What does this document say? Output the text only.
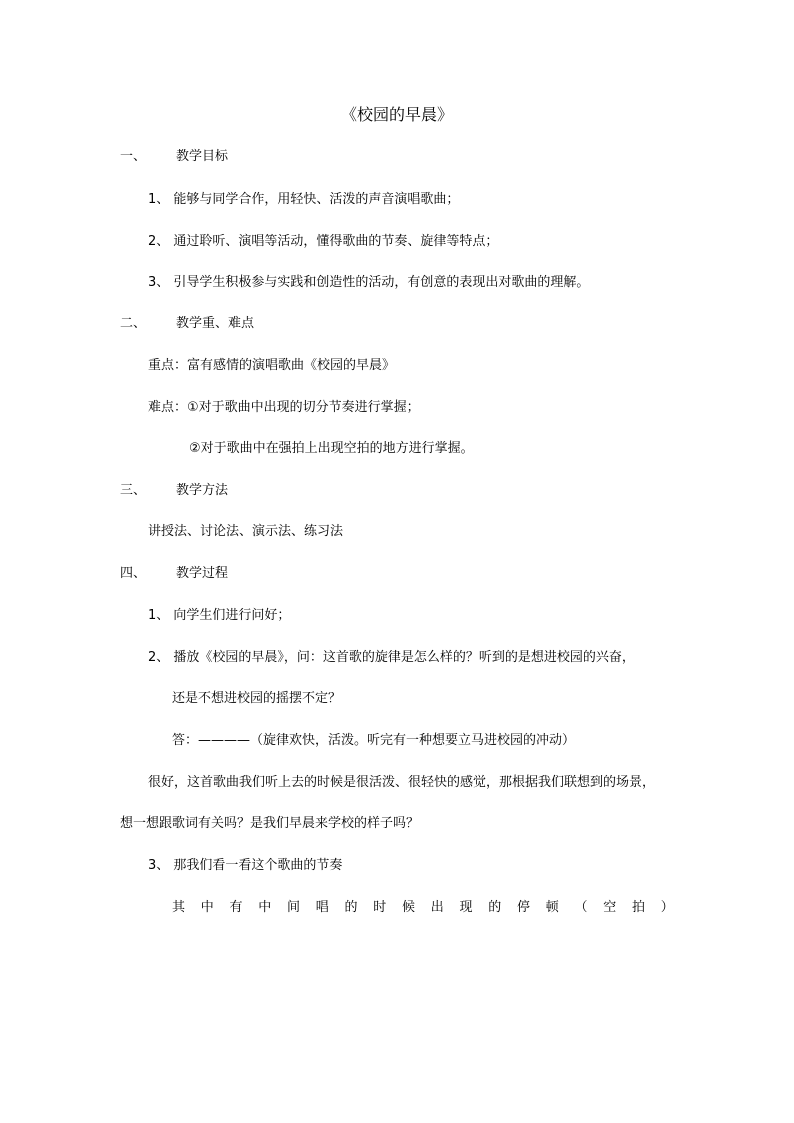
《校园的早晨》
一、 教学目标
1、 能够与同学合作，用轻快、活泼的声音演唱歌曲；
2、 通过聆听、演唱等活动，懂得歌曲的节奏、旋律等特点；
3、 引导学生积极参与实践和创造性的活动，有创意的表现出对歌曲的理解。
二、 教学重、难点
重点：富有感情的演唱歌曲《校园的早晨》
难点：①对于歌曲中出现的切分节奏进行掌握；
②对于歌曲中在强拍上出现空拍的地方进行掌握。
三、 教学方法
讲授法、讨论法、演示法、练习法
四、 教学过程
1、 向学生们进行问好；
2、 播放《校园的早晨》，问：这首歌的旋律是怎么样的？听到的是想进校园的兴奋，
还是不想进校园的摇摆不定？
答：————（旋律欢快，活泼。听完有一种想要立马进校园的冲动）
很好，这首歌曲我们听上去的时候是很活泼、很轻快的感觉，那根据我们联想到的场景，
想一想跟歌词有关吗？是我们早晨来学校的样子吗？
3、 那我们看一看这个歌曲的节奏
其 中 有 中 间 唱 的 时 候 出 现 的 停 顿 （ 空 拍 ）
